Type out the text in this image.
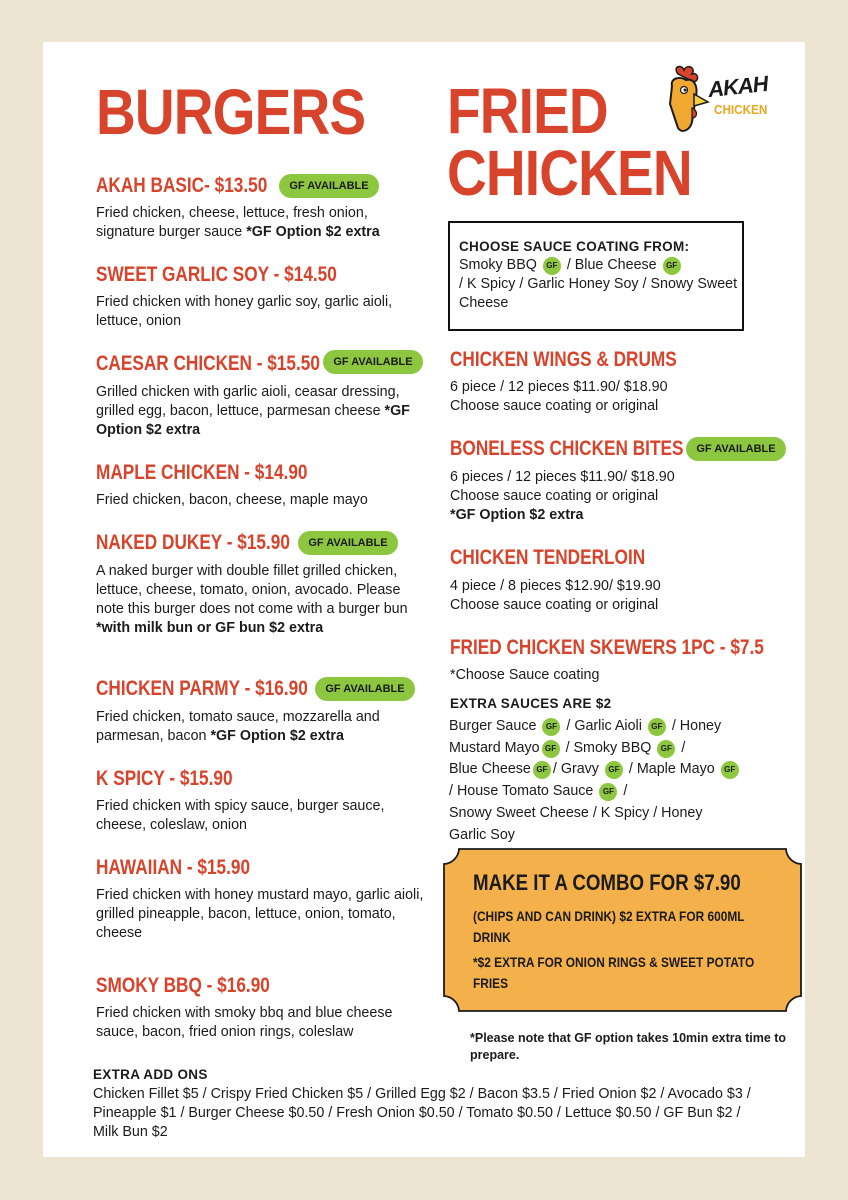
BURGERS FRIED
CHICKEN
AKAH
CHICKEN
AKAH BASIC- $13.50	GF AVAILABLE
Fried chicken, cheese, lettuce, fresh onion, signature burger sauce *GF Option $2 extra
SWEET GARLIC SOY - $14.50
Fried chicken with honey garlic soy, garlic aioli, lettuce, onion
CAESAR CHICKEN - $15.50	GF AVAILABLE
Grilled chicken with garlic aioli, ceasar dressing, grilled egg, bacon, lettuce, parmesan cheese *GF Option $2 extra
MAPLE CHICKEN - $14.90
Fried chicken, bacon, cheese, maple mayo
NAKED DUKEY - $15.90	GF AVAILABLE
A naked burger with double fillet grilled chicken, lettuce, cheese, tomato, onion, avocado. Please note this burger does not come with a burger bun *with milk bun or GF bun $2 extra
CHICKEN PARMY - $16.90	GF AVAILABLE
Fried chicken, tomato sauce, mozzarella and parmesan, bacon *GF Option $2 extra
K SPICY - $15.90
Fried chicken with spicy sauce, burger sauce, cheese, coleslaw, onion
HAWAIIAN - $15.90
Fried chicken with honey mustard mayo, garlic aioli, grilled pineapple, bacon, lettuce, onion, tomato, cheese
SMOKY BBQ - $16.90
Fried chicken with smoky bbq and blue cheese sauce, bacon, fried onion rings, coleslaw
CHOOSE SAUCE COATING FROM:
Smoky BBQ GF / Blue Cheese GF
/ K Spicy / Garlic Honey Soy / Snowy Sweet Cheese
CHICKEN WINGS & DRUMS
6 piece / 12 pieces $11.90/ $18.90
Choose sauce coating or original
BONELESS CHICKEN BITES	GF AVAILABLE
6 pieces / 12 pieces $11.90/ $18.90
Choose sauce coating or original
*GF Option $2 extra
CHICKEN TENDERLOIN
4 piece / 8 pieces $12.90/ $19.90
Choose sauce coating or original
FRIED CHICKEN SKEWERS 1PC - $7.5
*Choose Sauce coating
EXTRA SAUCES ARE $2
Burger Sauce GF / Garlic Aioli GF / Honey
Mustard Mayo GF / Smoky BBQ GF /
Blue Cheese GF / Gravy GF / Maple Mayo GF
/ House Tomato Sauce GF /
Snowy Sweet Cheese / K Spicy / Honey
Garlic Soy
MAKE IT A COMBO FOR $7.90
(CHIPS AND CAN DRINK) $2 EXTRA FOR 600ML DRINK
*$2 EXTRA FOR ONION RINGS & SWEET POTATO FRIES
*Please note that GF option takes 10min extra time to prepare.
EXTRA ADD ONS
Chicken Fillet $5 / Crispy Fried Chicken $5 / Grilled Egg $2 / Bacon $3.5 / Fried Onion $2 / Avocado $3 / Pineapple $1 / Burger Cheese $0.50 / Fresh Onion $0.50 / Tomato $0.50 / Lettuce $0.50 / GF Bun $2 / Milk Bun $2
